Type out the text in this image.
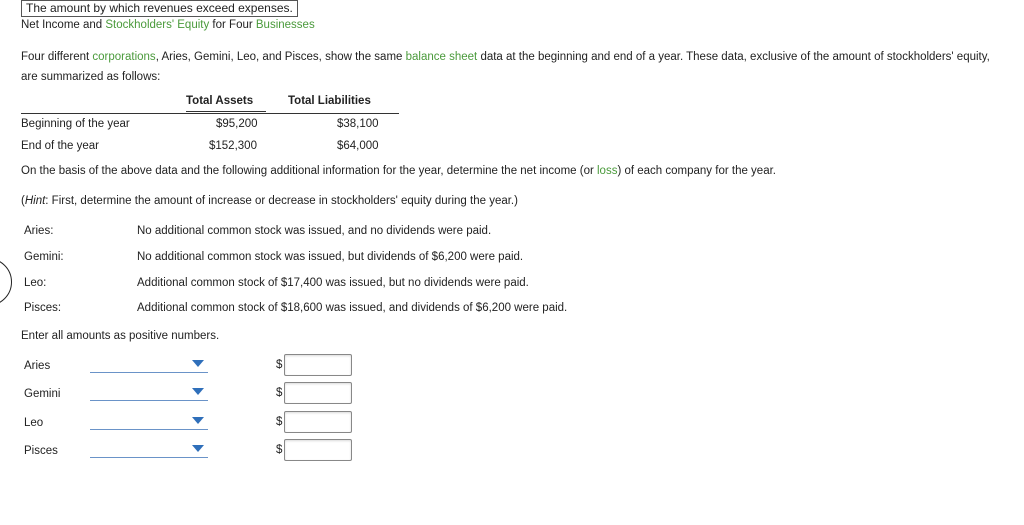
The amount by which revenues exceed expenses.
Net Income and Stockholders' Equity for Four Businesses
Four different corporations, Aries, Gemini, Leo, and Pisces, show the same balance sheet data at the beginning and end of a year. These data, exclusive of the amount of stockholders' equity, are summarized as follows:
Total Assets	Total Liabilities
Beginning of the year	$95,200	$38,100
End of the year	$152,300	$64,000
On the basis of the above data and the following additional information for the year, determine the net income (or loss) of each company for the year.
(Hint: First, determine the amount of increase or decrease in stockholders' equity during the year.)
Aries:	No additional common stock was issued, and no dividends were paid.
Gemini:	No additional common stock was issued, but dividends of $6,200 were paid.
Leo:	Additional common stock of $17,400 was issued, but no dividends were paid.
Pisces:	Additional common stock of $18,600 was issued, and dividends of $6,200 were paid.
Enter all amounts as positive numbers.
Aries	$
Gemini	$
Leo	$
Pisces	$
